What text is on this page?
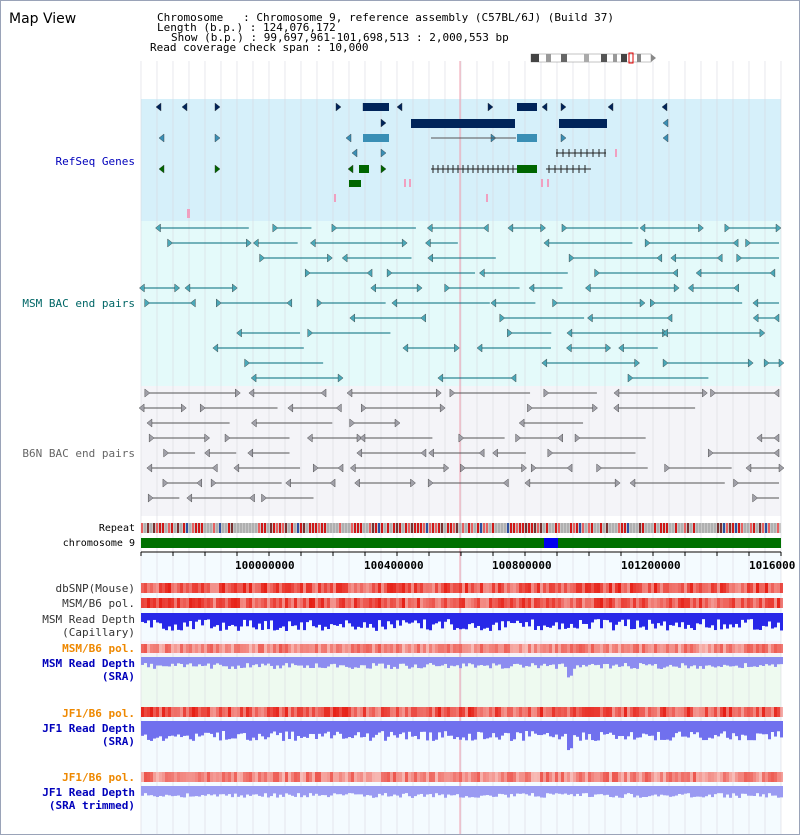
Map View	Chromosome   : Chromosome 9, reference assembly (C57BL/6J) (Build 37)
Length (b.p.) : 124,076,172
Show (b.p.) : 99,697,961-101,698,513 : 2,000,553 bp
Read coverage check span : 10,000
RefSeq Genes
MSM BAC end pairs
B6N BAC end pairs
Repeat
chromosome 9
100000000	100400000	100800000	101200000	1016000
dbSNP(Mouse)
MSM/B6 pol.
MSM Read Depth
(Capillary)
MSM/B6 pol.
MSM Read Depth
(SRA)
JF1/B6 pol.
JF1 Read Depth
(SRA)
JF1/B6 pol.
JF1 Read Depth
(SRA trimmed)
